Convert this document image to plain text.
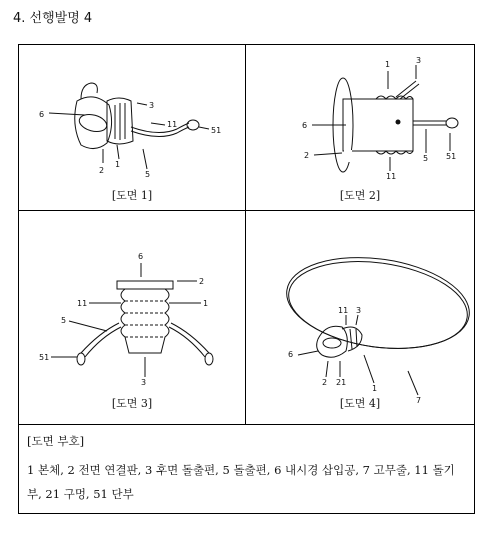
4. 선행발명 4
6
3
11
51
2
1
5
[도면 1]
1	3
6
2
11
5 51
[도면 2]
6
2
11	1
5
51
3
[도면 3]
11 3
6
2 21
1
7
[도면 4]
[도면 부호]
1 본체, 2 전면 연결판, 3 후면 돌출편, 5 돌출편, 6 내시경 삽입공, 7 고무줄, 11 돌기부, 21 구멍, 51 단부
